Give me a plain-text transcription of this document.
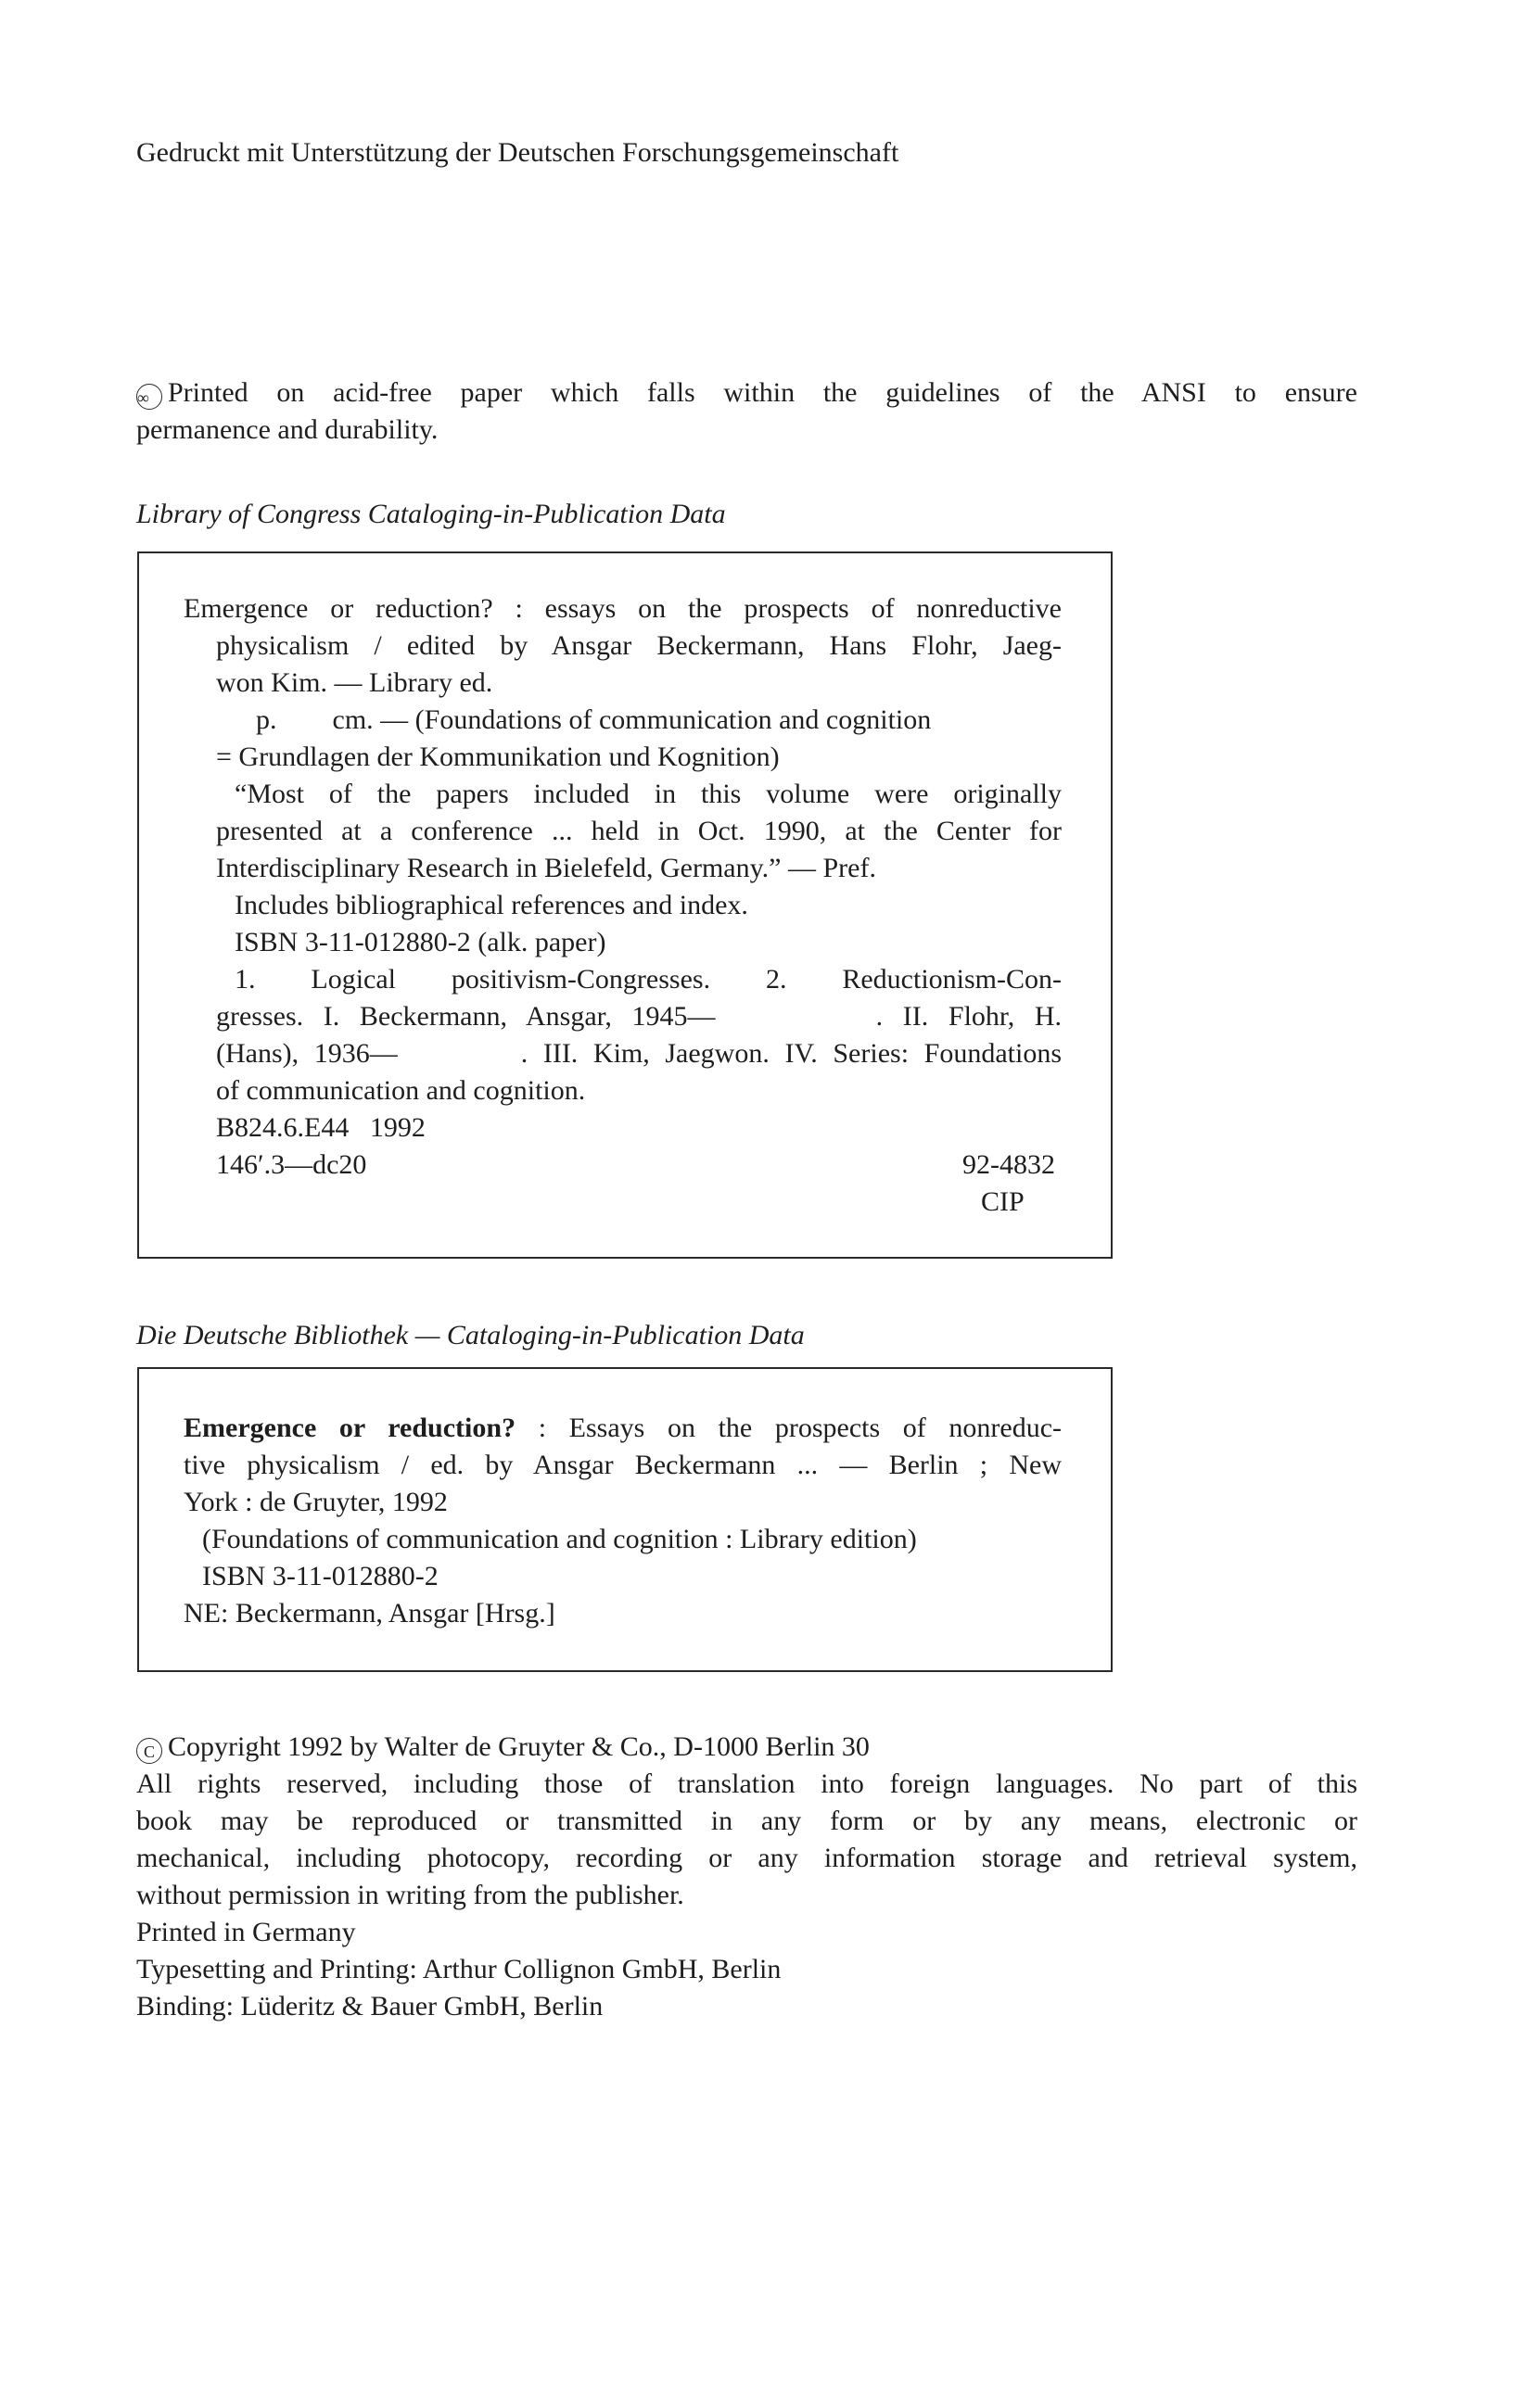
Gedruckt mit Unterstützung der Deutschen Forschungsgemeinschaft
∞ Printed on acid-free paper which falls within the guidelines of the ANSI to ensure
permanence and durability.
Library of Congress Cataloging-in-Publication Data
Emergence or reduction? : essays on the prospects of nonreductive
physicalism / edited by Ansgar Beckermann, Hans Flohr, Jaeg-
won Kim. — Library ed.
p.        cm. — (Foundations of communication and cognition
= Grundlagen der Kommunikation und Kognition)
“Most of the papers included in this volume were originally
presented at a conference ... held in Oct. 1990, at the Center for
Interdisciplinary Research in Bielefeld, Germany.” — Pref.
Includes bibliographical references and index.
ISBN 3-11-012880-2 (alk. paper)
1. Logical positivism-Congresses. 2. Reductionism-Con-
gresses. I. Beckermann, Ansgar, 1945—        . II. Flohr, H.
(Hans), 1936—        . III. Kim, Jaegwon. IV. Series: Foundations
of communication and cognition.
B824.6.E44   1992
146′.3—dc20	92-4832
CIP
Die Deutsche Bibliothek — Cataloging-in-Publication Data
Emergence or reduction? : Essays on the prospects of nonreduc-
tive physicalism / ed. by Ansgar Beckermann ... — Berlin ; New
York : de Gruyter, 1992
(Foundations of communication and cognition : Library edition)
ISBN 3-11-012880-2
NE: Beckermann, Ansgar [Hrsg.]
C Copyright 1992 by Walter de Gruyter & Co., D-1000 Berlin 30
All rights reserved, including those of translation into foreign languages. No part of this
book may be reproduced or transmitted in any form or by any means, electronic or
mechanical, including photocopy, recording or any information storage and retrieval system,
without permission in writing from the publisher.
Printed in Germany
Typesetting and Printing: Arthur Collignon GmbH, Berlin
Binding: Lüderitz & Bauer GmbH, Berlin
